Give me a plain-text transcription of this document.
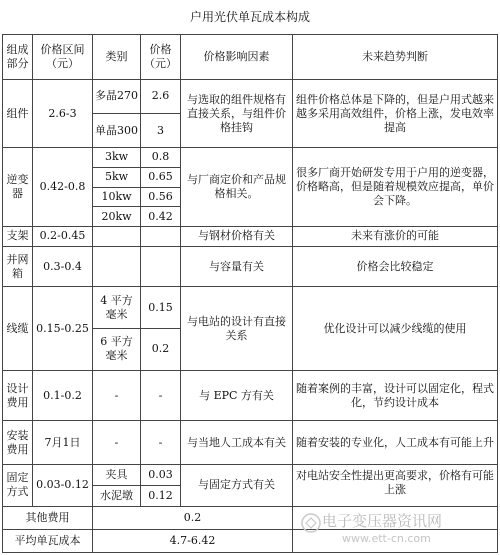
户用光伏单瓦成本构成
组成部分	价格区间（元）	类别	价格（元）	价格影响因素	未来趋势判断
组件	2.6-3	多晶270	2.6	与选取的组件规格有直接关系，与组件价格挂钩	组件价格总体是下降的，但是户用式越来越多采用高效组件，价格上涨，发电效率提高
		单晶300	3		
逆变器	0.42-0.8	3kw	0.8	与厂商定价和产品规格相关。	很多厂商开始研发专用于户用的逆变器，价格略高，但是随着规模效应提高，单价会下降。
		5kw	0.65		
		10kw	0.56		
		20kw	0.42		
支架	0.2-0.45			与钢材价格有关	未来有涨价的可能
并网箱	0.3-0.4			与容量有关	价格会比较稳定
线缆	0.15-0.25	4 平方毫米	0.15	与电站的设计有直接关系	优化设计可以减少线缆的使用
		6 平方毫米	0.2		
设计费用	0.1-0.2	-	-	与 EPC 方有关	随着案例的丰富，设计可以固定化，程式化，节约设计成本
安装费用	7月1日	-	-	与当地人工成本有关	随着安装的专业化，人工成本有可能上升
固定方式	0.03-0.12	夹具	0.03	与固定方式有关	对电站安全性提出更高要求，价格有可能上涨
		水泥墩	0.12		
其他费用		0.2			
平均单瓦成本		4.7-6.42			
电子变压器资讯网
www.ett-cn.com
